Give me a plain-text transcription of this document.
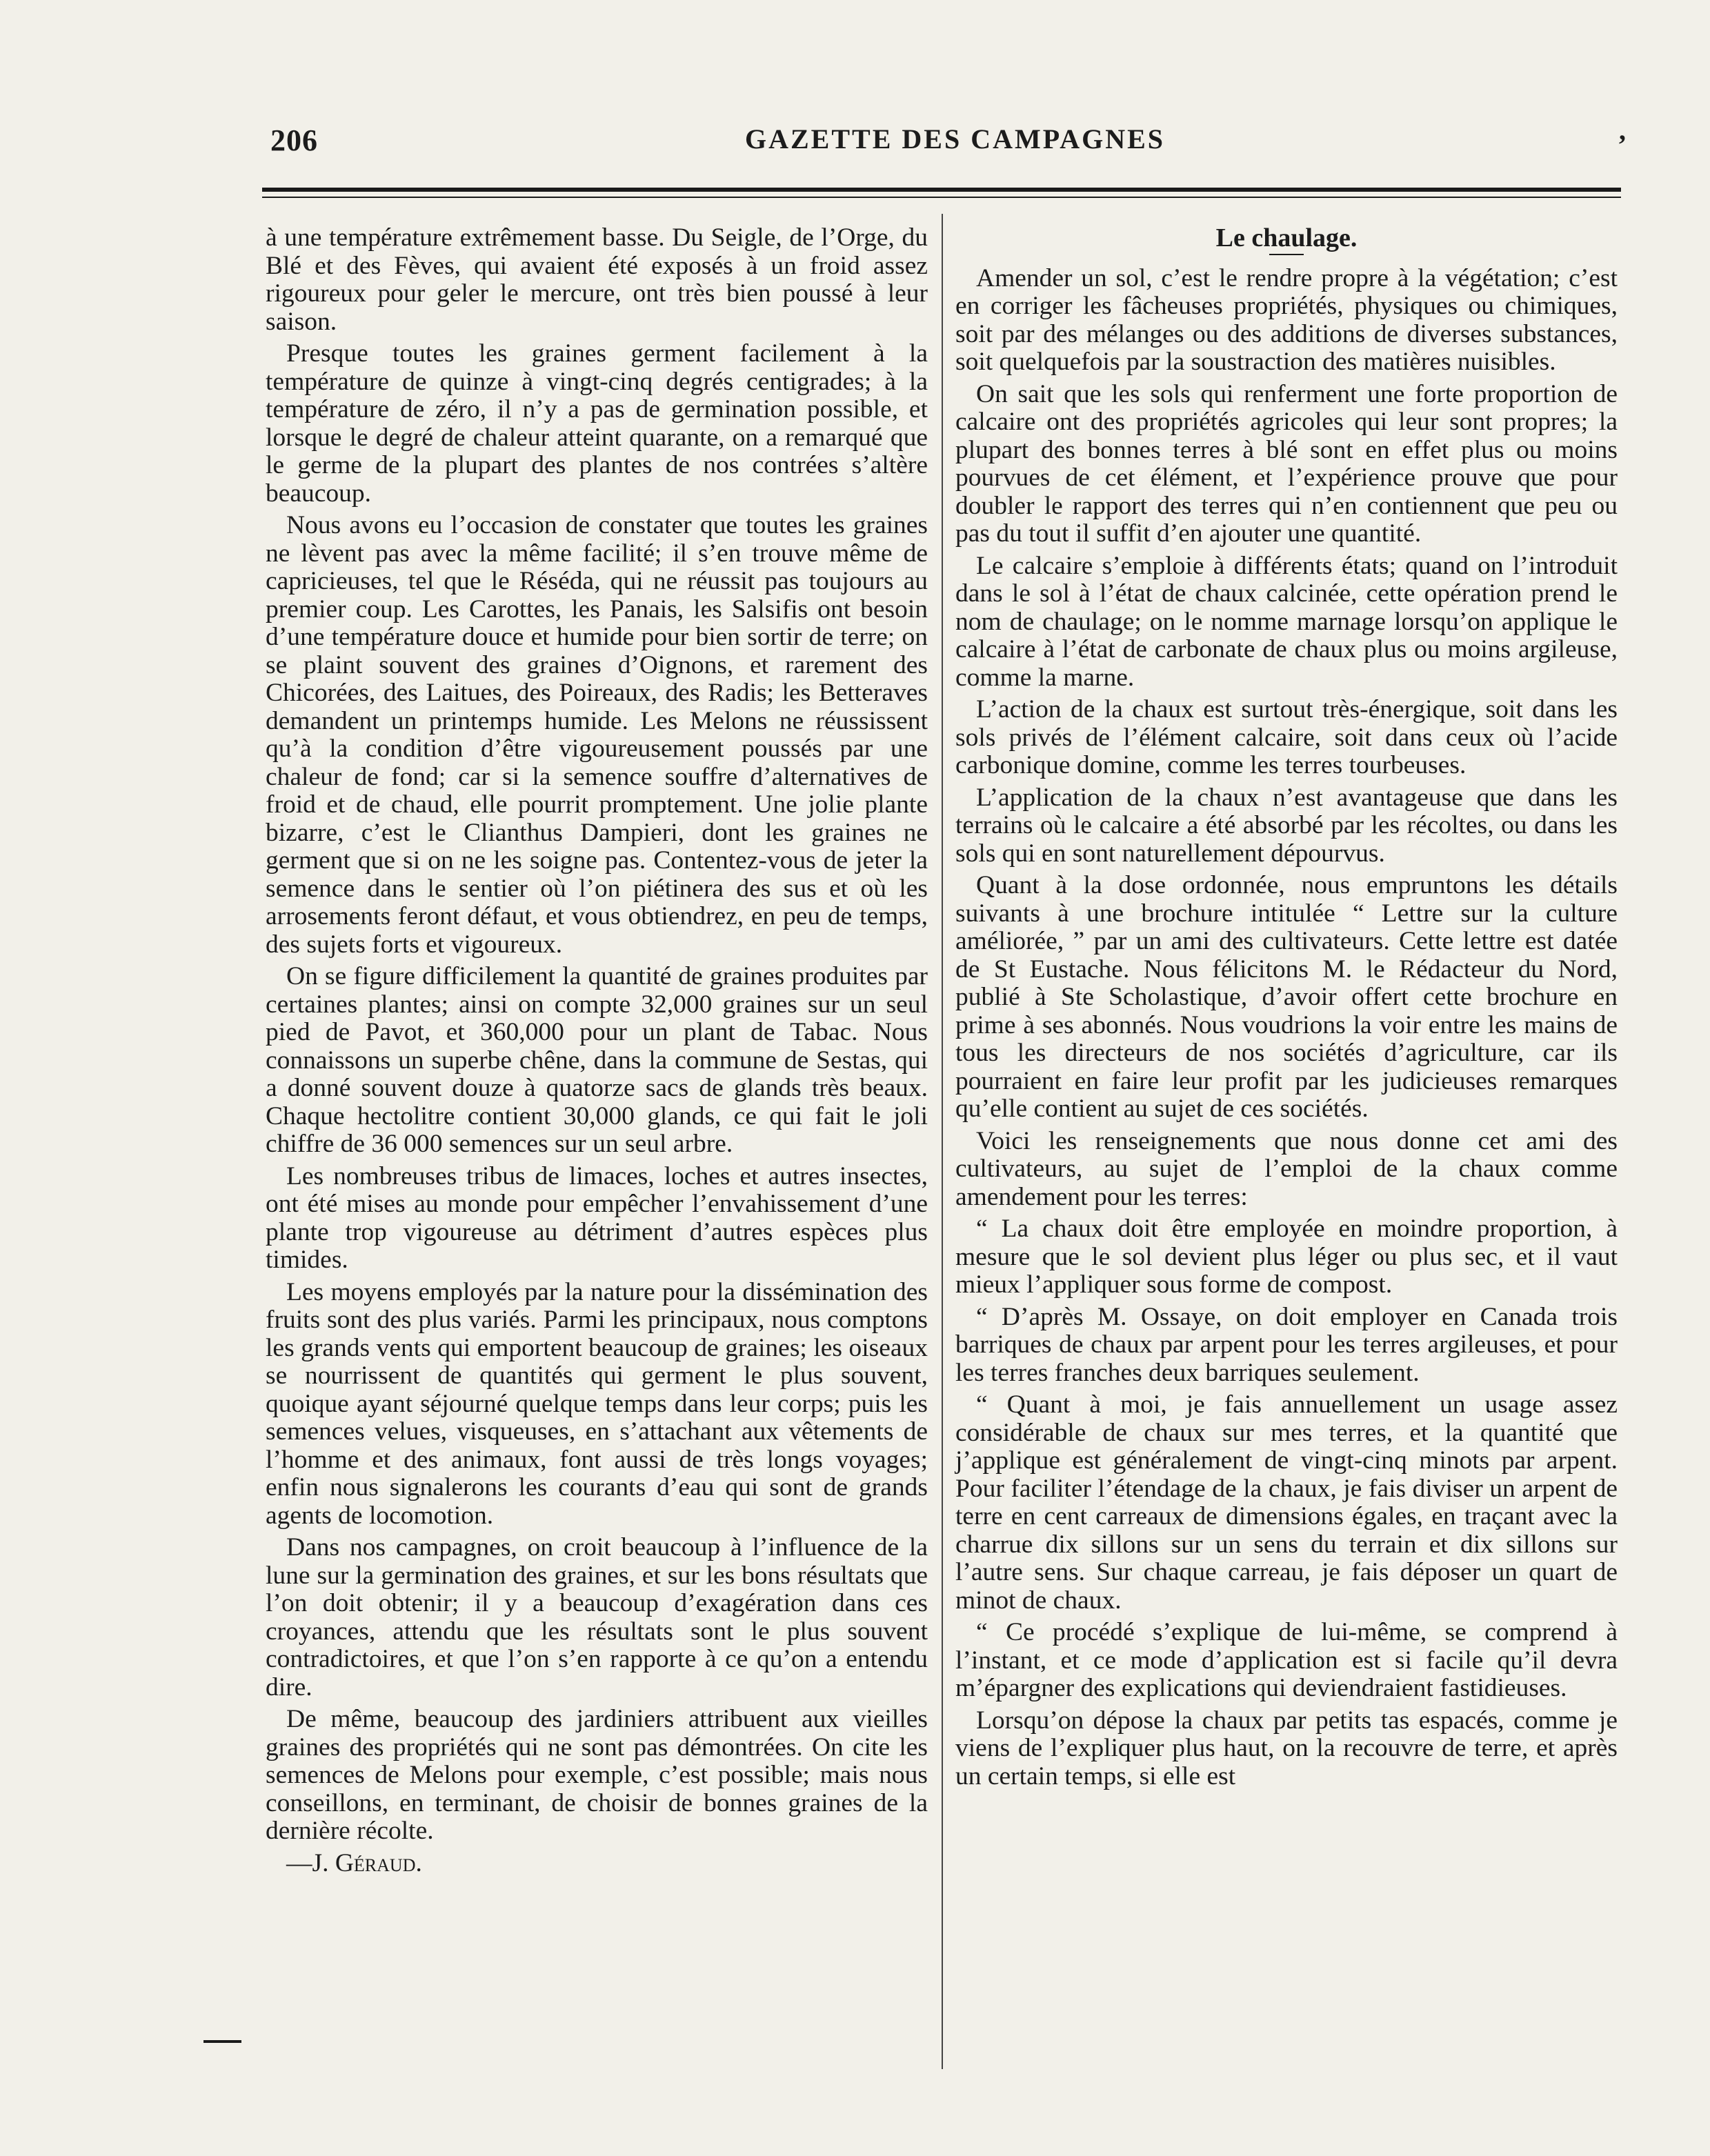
206	GAZETTE DES CAMPAGNES	’

à une température extrêmement basse. Du Seigle, de l’Orge, du Blé et des Fèves, qui avaient été exposés à un froid assez rigoureux pour geler le mercure, ont très bien poussé à leur saison.

Presque toutes les graines germent facilement à la température de quinze à vingt-cinq degrés centigrades; à la température de zéro, il n’y a pas de germination possible, et lorsque le degré de chaleur atteint quarante, on a remarqué que le germe de la plupart des plantes de nos contrées s’altère beaucoup.

Nous avons eu l’occasion de constater que toutes les graines ne lèvent pas avec la même facilité; il s’en trouve même de capricieuses, tel que le Réséda, qui ne réussit pas toujours au premier coup. Les Carottes, les Panais, les Salsifis ont besoin d’une température douce et humide pour bien sortir de terre; on se plaint souvent des graines d’Oignons, et rarement des Chicorées, des Laitues, des Poireaux, des Radis; les Betteraves demandent un printemps humide. Les Melons ne réussissent qu’à la condition d’être vigoureusement poussés par une chaleur de fond; car si la semence souffre d’alternatives de froid et de chaud, elle pourrit promptement. Une jolie plante bizarre, c’est le Clianthus Dampieri, dont les graines ne germent que si on ne les soigne pas. Contentez-vous de jeter la semence dans le sentier où l’on piétinera des sus et où les arrosements feront défaut, et vous obtiendrez, en peu de temps, des sujets forts et vigoureux.

On se figure difficilement la quantité de graines produites par certaines plantes; ainsi on compte 32,000 graines sur un seul pied de Pavot, et 360,000 pour un plant de Tabac. Nous connaissons un superbe chêne, dans la commune de Sestas, qui a donné souvent douze à quatorze sacs de glands très beaux. Chaque hectolitre contient 30,000 glands, ce qui fait le joli chiffre de 36 000 semences sur un seul arbre.

Les nombreuses tribus de limaces, loches et autres insectes, ont été mises au monde pour empêcher l’envahissement d’une plante trop vigoureuse au détriment d’autres espèces plus timides.

Les moyens employés par la nature pour la dissémination des fruits sont des plus variés. Parmi les principaux, nous comptons les grands vents qui emportent beaucoup de graines; les oiseaux se nourrissent de quantités qui germent le plus souvent, quoique ayant séjourné quelque temps dans leur corps; puis les semences velues, visqueuses, en s’attachant aux vêtements de l’homme et des animaux, font aussi de très longs voyages; enfin nous signalerons les courants d’eau qui sont de grands agents de locomotion.

Dans nos campagnes, on croit beaucoup à l’influence de la lune sur la germination des graines, et sur les bons résultats que l’on doit obtenir; il y a beaucoup d’exagération dans ces croyances, attendu que les résultats sont le plus souvent contradictoires, et que l’on s’en rapporte à ce qu’on a entendu dire.

De même, beaucoup des jardiniers attribuent aux vieilles graines des propriétés qui ne sont pas démontrées. On cite les semences de Melons pour exemple, c’est possible; mais nous conseillons, en terminant, de choisir de bonnes graines de la dernière récolte.

—J. Géraud.

Le chaulage.

Amender un sol, c’est le rendre propre à la végétation; c’est en corriger les fâcheuses propriétés, physiques ou chimiques, soit par des mélanges ou des additions de diverses substances, soit quelquefois par la soustraction des matières nuisibles.

On sait que les sols qui renferment une forte proportion de calcaire ont des propriétés agricoles qui leur sont propres; la plupart des bonnes terres à blé sont en effet plus ou moins pourvues de cet élément, et l’expérience prouve que pour doubler le rapport des terres qui n’en contiennent que peu ou pas du tout il suffit d’en ajouter une quantité.

Le calcaire s’emploie à différents états; quand on l’introduit dans le sol à l’état de chaux calcinée, cette opération prend le nom de chaulage; on le nomme marnage lorsqu’on applique le calcaire à l’état de carbonate de chaux plus ou moins argileuse, comme la marne.

L’action de la chaux est surtout très-énergique, soit dans les sols privés de l’élément calcaire, soit dans ceux où l’acide carbonique domine, comme les terres tourbeuses.

L’application de la chaux n’est avantageuse que dans les terrains où le calcaire a été absorbé par les récoltes, ou dans les sols qui en sont naturellement dépourvus.

Quant à la dose ordonnée, nous empruntons les détails suivants à une brochure intitulée “ Lettre sur la culture améliorée, ” par un ami des cultivateurs. Cette lettre est datée de St Eustache. Nous félicitons M. le Rédacteur du Nord, publié à Ste Scholastique, d’avoir offert cette brochure en prime à ses abonnés. Nous voudrions la voir entre les mains de tous les directeurs de nos sociétés d’agriculture, car ils pourraient en faire leur profit par les judicieuses remarques qu’elle contient au sujet de ces sociétés.

Voici les renseignements que nous donne cet ami des cultivateurs, au sujet de l’emploi de la chaux comme amendement pour les terres:

“ La chaux doit être employée en moindre proportion, à mesure que le sol devient plus léger ou plus sec, et il vaut mieux l’appliquer sous forme de compost.

“ D’après M. Ossaye, on doit employer en Canada trois barriques de chaux par arpent pour les terres argileuses, et pour les terres franches deux barriques seulement.

“ Quant à moi, je fais annuellement un usage assez considérable de chaux sur mes terres, et la quantité que j’applique est généralement de vingt-cinq minots par arpent. Pour faciliter l’étendage de la chaux, je fais diviser un arpent de terre en cent carreaux de dimensions égales, en traçant avec la charrue dix sillons sur un sens du terrain et dix sillons sur l’autre sens. Sur chaque carreau, je fais déposer un quart de minot de chaux.

“ Ce procédé s’explique de lui-même, se comprend à l’instant, et ce mode d’application est si facile qu’il devra m’épargner des explications qui deviendraient fastidieuses.

Lorsqu’on dépose la chaux par petits tas espacés, comme je viens de l’expliquer plus haut, on la recouvre de terre, et après un certain temps, si elle est
